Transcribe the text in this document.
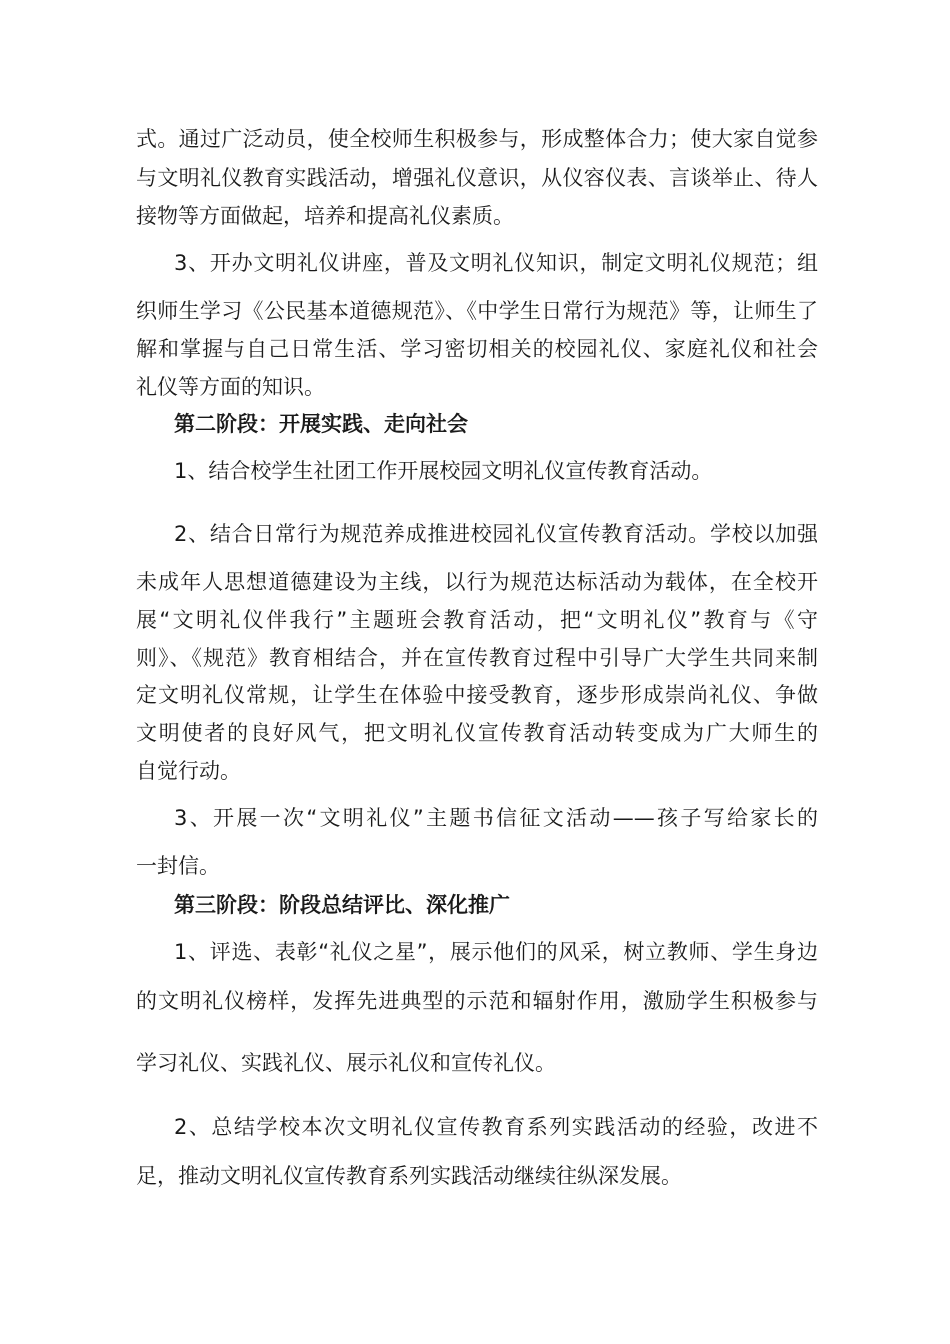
式。通过广泛动员，使全校师生积极参与，形成整体合力；使大家自觉参
与文明礼仪教育实践活动，增强礼仪意识，从仪容仪表、言谈举止、待人
接物等方面做起，培养和提高礼仪素质。
3、开办文明礼仪讲座，普及文明礼仪知识，制定文明礼仪规范；组
织师生学习《公民基本道德规范》、《中学生日常行为规范》等，让师生了
解和掌握与自己日常生活、学习密切相关的校园礼仪、家庭礼仪和社会
礼仪等方面的知识。
第二阶段：开展实践、走向社会
1、结合校学生社团工作开展校园文明礼仪宣传教育活动。
2、结合日常行为规范养成推进校园礼仪宣传教育活动。学校以加强
未成年人思想道德建设为主线，以行为规范达标活动为载体，在全校开
展“文明礼仪伴我行”主题班会教育活动，把“文明礼仪”教育与《守
则》、《规范》教育相结合，并在宣传教育过程中引导广大学生共同来制
定文明礼仪常规，让学生在体验中接受教育，逐步形成崇尚礼仪、争做
文明使者的良好风气，把文明礼仪宣传教育活动转变成为广大师生的
自觉行动。
3、开展一次“文明礼仪”主题书信征文活动——孩子写给家长的
一封信。
第三阶段：阶段总结评比、深化推广
1、评选、表彰“礼仪之星”，展示他们的风采，树立教师、学生身边
的文明礼仪榜样，发挥先进典型的示范和辐射作用，激励学生积极参与
学习礼仪、实践礼仪、展示礼仪和宣传礼仪。
2、总结学校本次文明礼仪宣传教育系列实践活动的经验，改进不
足，推动文明礼仪宣传教育系列实践活动继续往纵深发展。
